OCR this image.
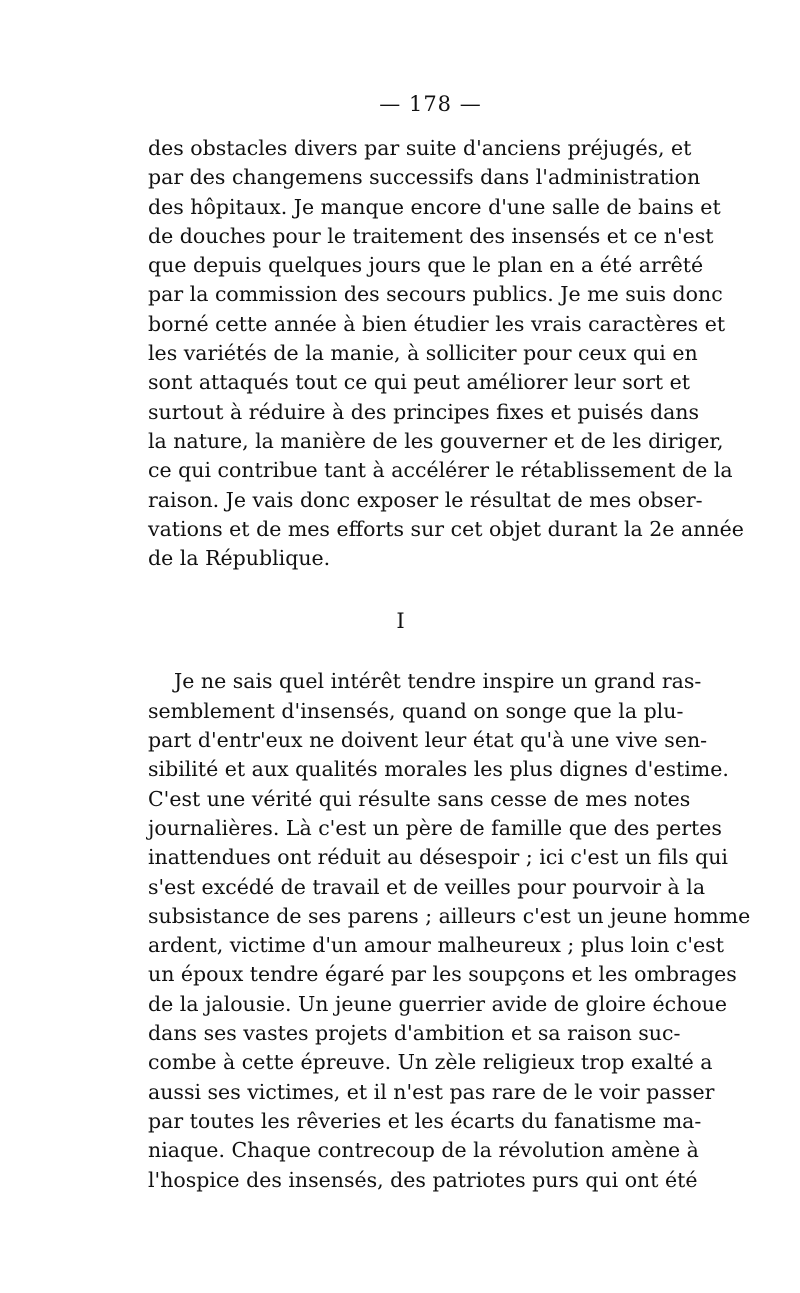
— 178 —

des obstacles divers par suite d'anciens préjugés, et
par des changemens successifs dans l'administration
des hôpitaux. Je manque encore d'une salle de bains et
de douches pour le traitement des insensés et ce n'est
que depuis quelques jours que le plan en a été arrêté
par la commission des secours publics. Je me suis donc
borné cette année à bien étudier les vrais caractères et
les variétés de la manie, à solliciter pour ceux qui en
sont attaqués tout ce qui peut améliorer leur sort et
surtout à réduire à des principes fixes et puisés dans
la nature, la manière de les gouverner et de les diriger,
ce qui contribue tant à accélérer le rétablissement de la
raison. Je vais donc exposer le résultat de mes obser-
vations et de mes efforts sur cet objet durant la 2e année
de la République.

I

Je ne sais quel intérêt tendre inspire un grand ras-
semblement d'insensés, quand on songe que la plu-
part d'entr'eux ne doivent leur état qu'à une vive sen-
sibilité et aux qualités morales les plus dignes d'estime.
C'est une vérité qui résulte sans cesse de mes notes
journalières. Là c'est un père de famille que des pertes
inattendues ont réduit au désespoir ; ici c'est un fils qui
s'est excédé de travail et de veilles pour pourvoir à la
subsistance de ses parens ; ailleurs c'est un jeune homme
ardent, victime d'un amour malheureux ; plus loin c'est
un époux tendre égaré par les soupçons et les ombrages
de la jalousie. Un jeune guerrier avide de gloire échoue
dans ses vastes projets d'ambition et sa raison suc-
combe à cette épreuve. Un zèle religieux trop exalté a
aussi ses victimes, et il n'est pas rare de le voir passer
par toutes les rêveries et les écarts du fanatisme ma-
niaque. Chaque contrecoup de la révolution amène à
l'hospice des insensés, des patriotes purs qui ont été
